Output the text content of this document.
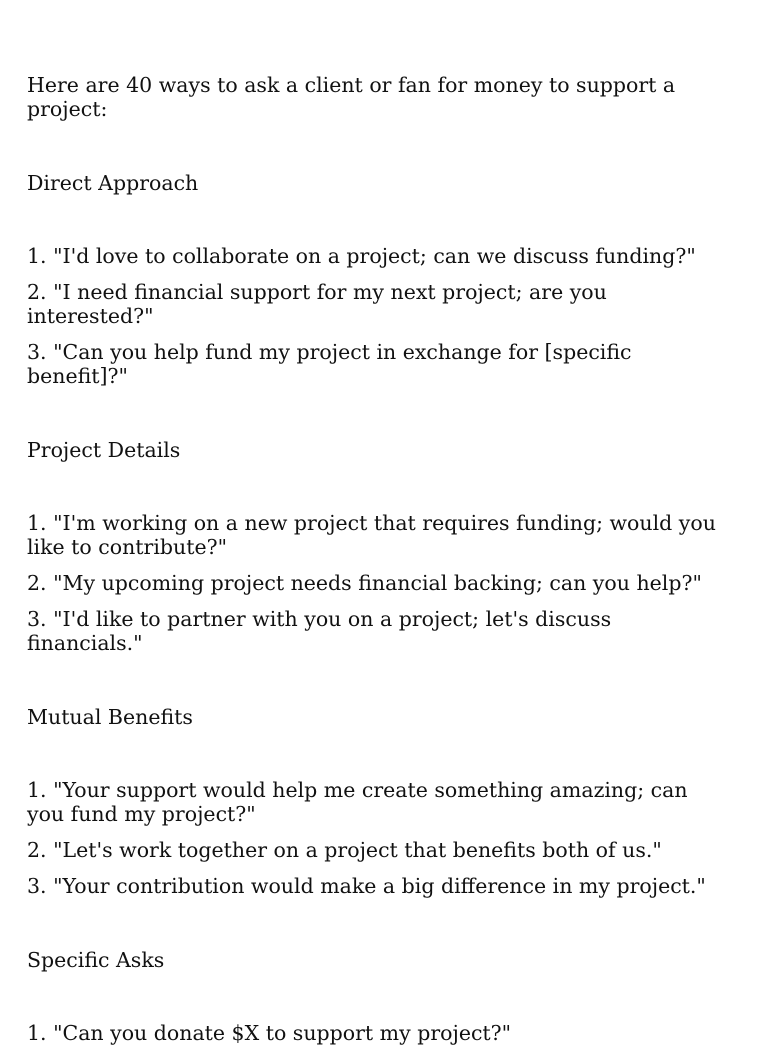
Here are 40 ways to ask a client or fan for money to support a project:

Direct Approach
1. "I'd love to collaborate on a project; can we discuss funding?"
2. "I need financial support for my next project; are you interested?"
3. "Can you help fund my project in exchange for [specific benefit]?"
Project Details
1. "I'm working on a new project that requires funding; would you like to contribute?"
2. "My upcoming project needs financial backing; can you help?"
3. "I'd like to partner with you on a project; let's discuss financials."
Mutual Benefits
1. "Your support would help me create something amazing; can you fund my project?"
2. "Let's work together on a project that benefits both of us."
3. "Your contribution would make a big difference in my project."
Specific Asks
1. "Can you donate $X to support my project?"
